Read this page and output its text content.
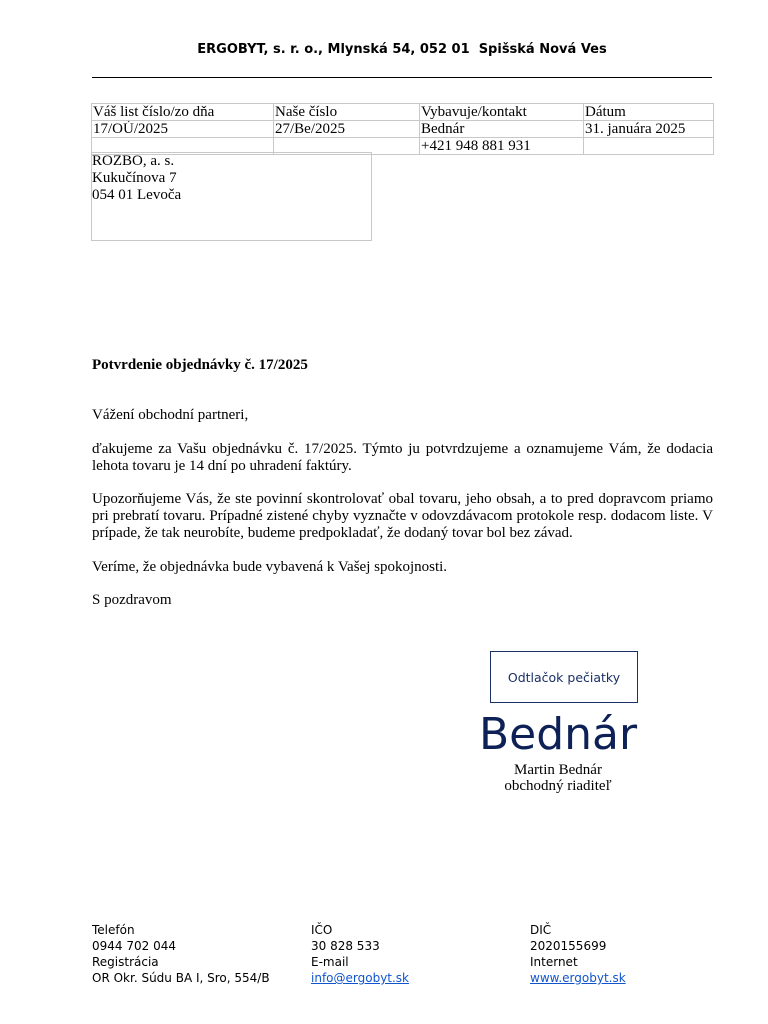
ERGOBYT, s. r. o., Mlynská 54, 052 01  Spišská Nová Ves
Váš list číslo/zo dňa	Naše číslo	Vybavuje/kontakt	Dátum
17/OÚ/2025	27/Be/2025	Bednár	31. januára 2025
		+421 948 881 931	
ROZBO, a. s.
Kukučínova 7
054 01 Levoča
Potvrdenie objednávky č. 17/2025
Vážení obchodní partneri,
ďakujeme za Vašu objednávku č. 17/2025. Týmto ju potvrdzujeme a oznamujeme Vám, že dodacia lehota tovaru je 14 dní po uhradení faktúry.
Upozorňujeme Vás, že ste povinní skontrolovať obal tovaru, jeho obsah, a to pred dopravcom priamo pri prebratí tovaru. Prípadné zistené chyby vyznačte v odovzdávacom protokole resp. dodacom liste. V prípade, že tak neurobíte, budeme predpokladať, že dodaný tovar bol bez závad.
Veríme, že objednávka bude vybavená k Vašej spokojnosti.
S pozdravom
Odtlačok pečiatky
Bednár
Martin Bednár
obchodný riaditeľ
Telefón
0944 702 044
Registrácia
OR Okr. Súdu BA I, Sro, 554/B
IČO
30 828 533
E-mail
info@ergobyt.sk
DIČ
2020155699
Internet
www.ergobyt.sk
